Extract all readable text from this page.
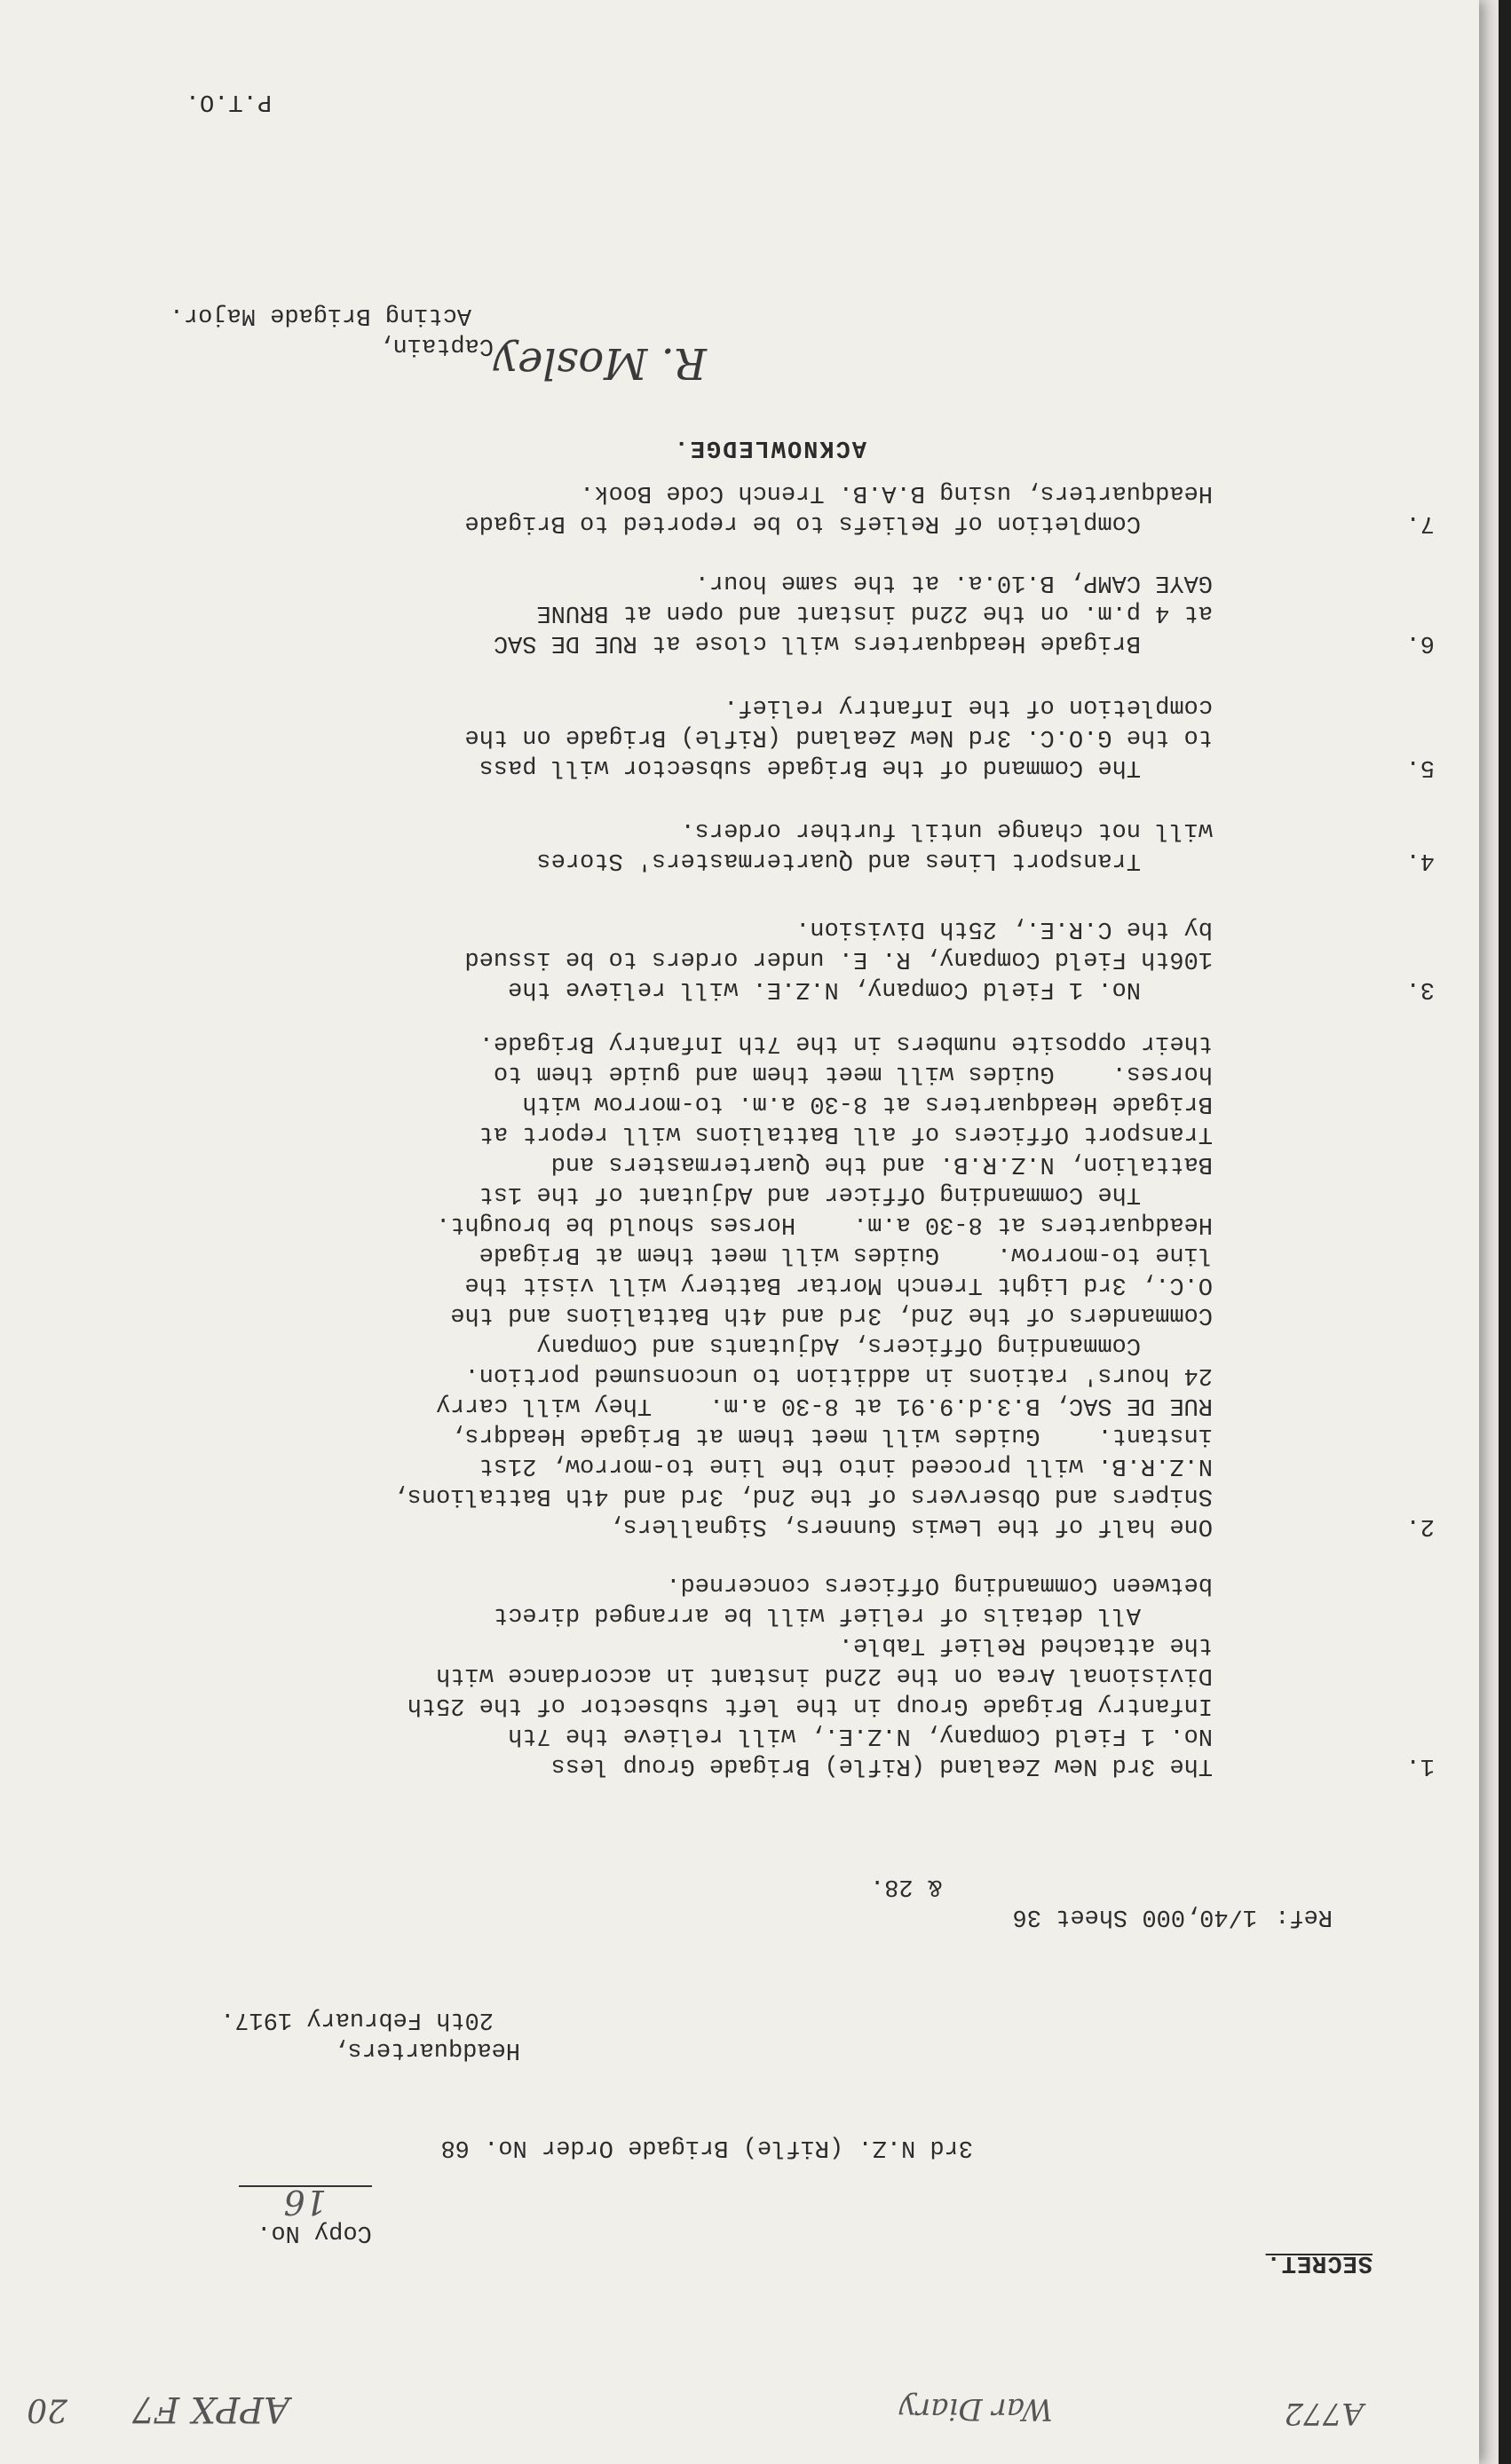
APPX F7
20	A772
War Diary
SECRET.

Copy No.
16

3rd N.Z. (Rifle) Brigade Order No. 68
Headquarters,
20th February 1917.
Ref:
1/40,000 Sheet 36
& 28.
1.
The 3rd New Zealand (Rifle) Brigade Group less
No. 1 Field Company, N.Z.E., will relieve the 7th
Infantry Brigade Group in the left subsector of the 25th
Divisional Area on the 22nd instant in accordance with
the attached Relief Table.
All details of relief will be arranged direct
between Commanding Officers concerned.
2.
One half of the Lewis Gunners, Signallers,
Snipers and Observers of the 2nd, 3rd and 4th Battalions,
N.Z.R.B. will proceed into the line to-morrow, 21st
instant.    Guides will meet them at Brigade Headqrs,
RUE DE SAC, B.3.d.9.91 at 8-30 a.m.    They will carry
24 hours' rations in addition to unconsumed portion.
Commanding Officers, Adjutants and Company
Commanders of the 2nd, 3rd and 4th Battalions and the
O.C., 3rd Light Trench Mortar Battery will visit the
line to-morrow.    Guides will meet them at Brigade
Headquarters at 8-30 a.m.    Horses should be brought.
The Commanding Officer and Adjutant of the 1st
Battalion, N.Z.R.B. and the Quartermasters and
Transport Officers of all Battalions will report at
Brigade Headquarters at 8-30 a.m. to-morrow with
horses.    Guides will meet them and guide them to
their opposite numbers in the 7th Infantry Brigade.
3.
No. 1 Field Company, N.Z.E. will relieve the
106th Field Company, R. E. under orders to be issued
by the C.R.E., 25th Division.
4.
Transport Lines and Quartermasters' Stores
will not change until further orders.
5.
The Command of the Brigade subsector will pass
to the G.O.C. 3rd New Zealand (Rifle) Brigade on the
completion of the Infantry relief.
6.
Brigade Headquarters will close at RUE DE SAC
at 4 p.m. on the 22nd instant and open at BRUNE
GAYE CAMP, B.10.a. at the same hour.
7.
Completion of Reliefs to be reported to Brigade
Headquarters, using B.A.B. Trench Code Book.
ACKNOWLEDGE.
R. Mosley
Captain,
Acting Brigade Major.
P.T.O.
